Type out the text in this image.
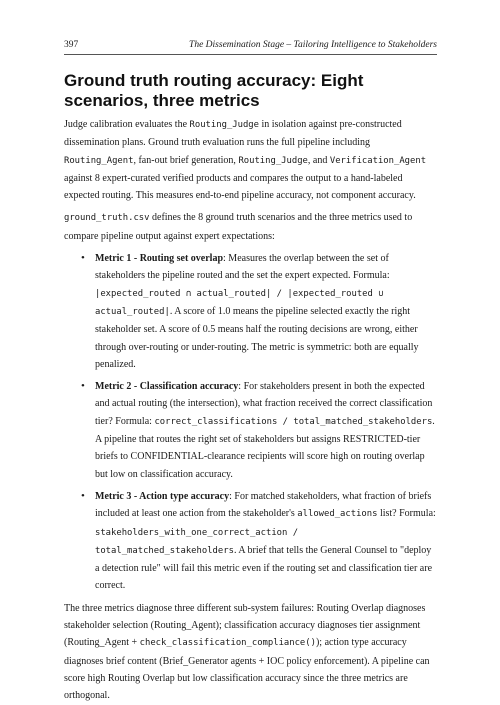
397	The Dissemination Stage – Tailoring Intelligence to Stakeholders
Ground truth routing accuracy: Eight scenarios, three metrics

Judge calibration evaluates the Routing_Judge in isolation against pre-constructed dissemination plans. Ground truth evaluation runs the full pipeline including Routing_Agent, fan-out brief generation, Routing_Judge, and Verification_Agent against 8 expert-curated verified products and compares the output to a hand-labeled expected routing. This measures end-to-end pipeline accuracy, not component accuracy.

ground_truth.csv defines the 8 ground truth scenarios and the three metrics used to compare pipeline output against expert expectations:

• Metric 1 - Routing set overlap: Measures the overlap between the set of stakeholders the pipeline routed and the set the expert expected. Formula: |expected_routed ∩ actual_routed| / |expected_routed ∪ actual_routed|. A score of 1.0 means the pipeline selected exactly the right stakeholder set. A score of 0.5 means half the routing decisions are wrong, either through over-routing or under-routing. The metric is symmetric: both are equally penalized.
• Metric 2 - Classification accuracy: For stakeholders present in both the expected and actual routing (the intersection), what fraction received the correct classification tier? Formula: correct_classifications / total_matched_stakeholders. A pipeline that routes the right set of stakeholders but assigns RESTRICTED-tier briefs to CONFIDENTIAL-clearance recipients will score high on routing overlap but low on classification accuracy.
• Metric 3 - Action type accuracy: For matched stakeholders, what fraction of briefs included at least one action from the stakeholder's allowed_actions list? Formula: stakeholders_with_one_correct_action / total_matched_stakeholders. A brief that tells the General Counsel to "deploy a detection rule" will fail this metric even if the routing set and classification tier are correct.

The three metrics diagnose three different sub-system failures: Routing Overlap diagnoses stakeholder selection (Routing_Agent); classification accuracy diagnoses tier assignment (Routing_Agent + check_classification_compliance()); action type accuracy diagnoses brief content (Brief_Generator agents + IOC policy enforcement). A pipeline can score high Routing Overlap but low classification accuracy since the three metrics are orthogonal.
